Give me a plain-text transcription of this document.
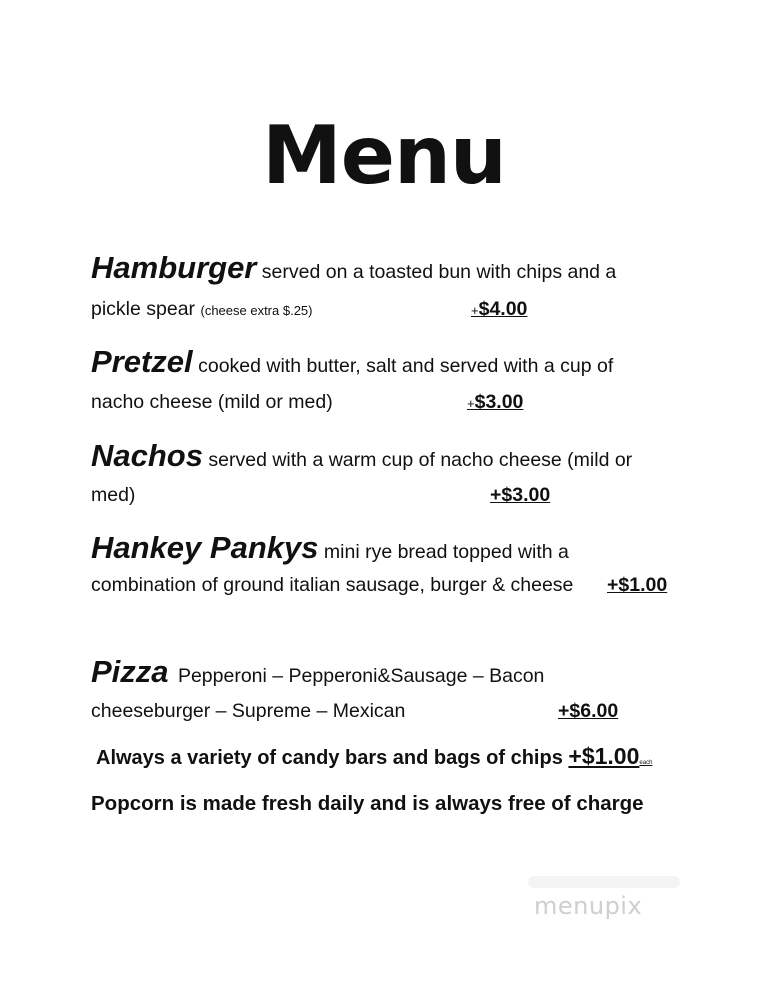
Menu
Hamburger served on a toasted bun with chips and a
pickle spear (cheese extra $.25)	+$4.00
Pretzel cooked with butter, salt and served with a cup of
nacho cheese (mild or med)	+$3.00
Nachos served with a warm cup of nacho cheese (mild or
med)	+$3.00
Hankey Pankys mini rye bread topped with a
combination of ground italian sausage, burger & cheese +$1.00
Pizza Pepperoni – Pepperoni&Sausage – Bacon
cheeseburger – Supreme – Mexican	+$6.00
Always a variety of candy bars and bags of chips +$1.00each
Popcorn is made fresh daily and is always free of charge
menupix
